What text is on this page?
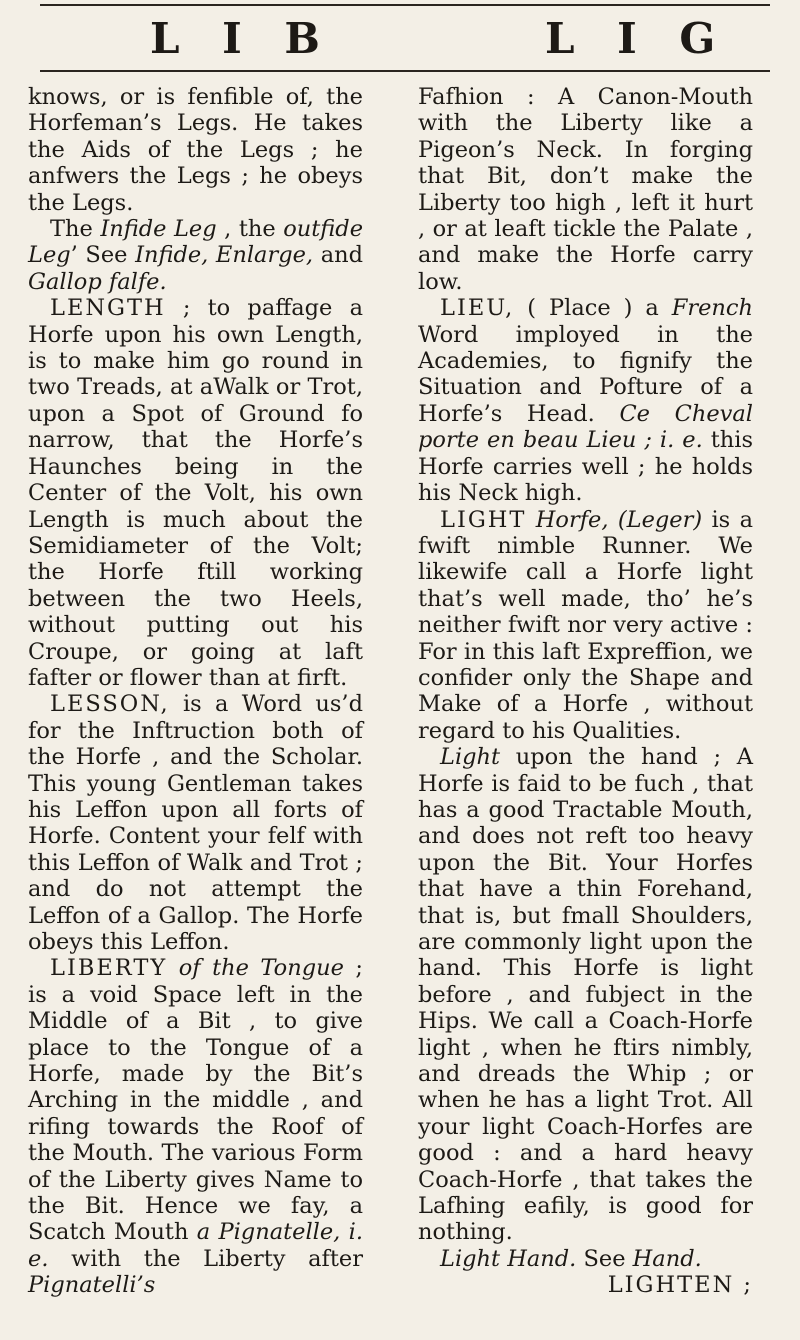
L I B	L I G

knows, or is fenfible of, the Horfeman’s Legs. He takes the Aids of the Legs ; he anfwers the Legs ; he obeys the Legs.

The Infide Leg , the outfide Leg’ See Infide, Enlarge, and Gallop falfe.

LENGTH ; to paffage a Horfe upon his own Length, is to make him go round in two Treads, at aWalk or Trot, upon a Spot of Ground fo narrow, that the Horfe’s Haunches being in the Center of the Volt, his own Length is much about the Semidiameter of the Volt; the Horfe ftill working between the two Heels, without putting out his Croupe, or going at laft fafter or flower than at firft.

LESSON, is a Word us’d for the Inftruction both of the Horfe , and the Scholar. This young Gentleman takes his Leffon upon all forts of Horfe. Content your felf with this Leffon of Walk and Trot ; and do not attempt the Leffon of a Gallop. The Horfe obeys this Leffon.

LIBERTY of the Tongue ; is a void Space left in the Middle of a Bit , to give place to the Tongue of a Horfe, made by the Bit’s Arching in the middle , and rifing towards the Roof of the Mouth. The various Form of the Liberty gives Name to the Bit. Hence we fay, a Scatch Mouth a Pignatelle, i. e. with the Liberty after Pignatelli’s

Fafhion : A Canon-Mouth with the Liberty like a Pigeon’s Neck. In forging that Bit, don’t make the Liberty too high , left it hurt , or at leaft tickle the Palate , and make the Horfe carry low.

LIEU, ( Place ) a French Word imployed in the Academies, to fignify the Situation and Pofture of a Horfe’s Head. Ce Cheval porte en beau Lieu ; i. e. this Horfe carries well ; he holds his Neck high.

LIGHT Horfe, (Leger) is a fwift nimble Runner. We likewife call a Horfe light that’s well made, tho’ he’s neither fwift nor very active : For in this laft Expreffion, we confider only the Shape and Make of a Horfe , without regard to his Qualities.

Light upon the hand ; A Horfe is faid to be fuch , that has a good Tractable Mouth, and does not reft too heavy upon the Bit. Your Horfes that have a thin Forehand, that is, but fmall Shoulders, are commonly light upon the hand. This Horfe is light before , and fubject in the Hips. We call a Coach-Horfe light , when he ftirs nimbly, and dreads the Whip ; or when he has a light Trot. All your light Coach-Horfes are good : and a hard heavy Coach-Horfe , that takes the Lafhing eafily, is good for nothing.

Light Hand. See Hand.

LIGHTEN ;
